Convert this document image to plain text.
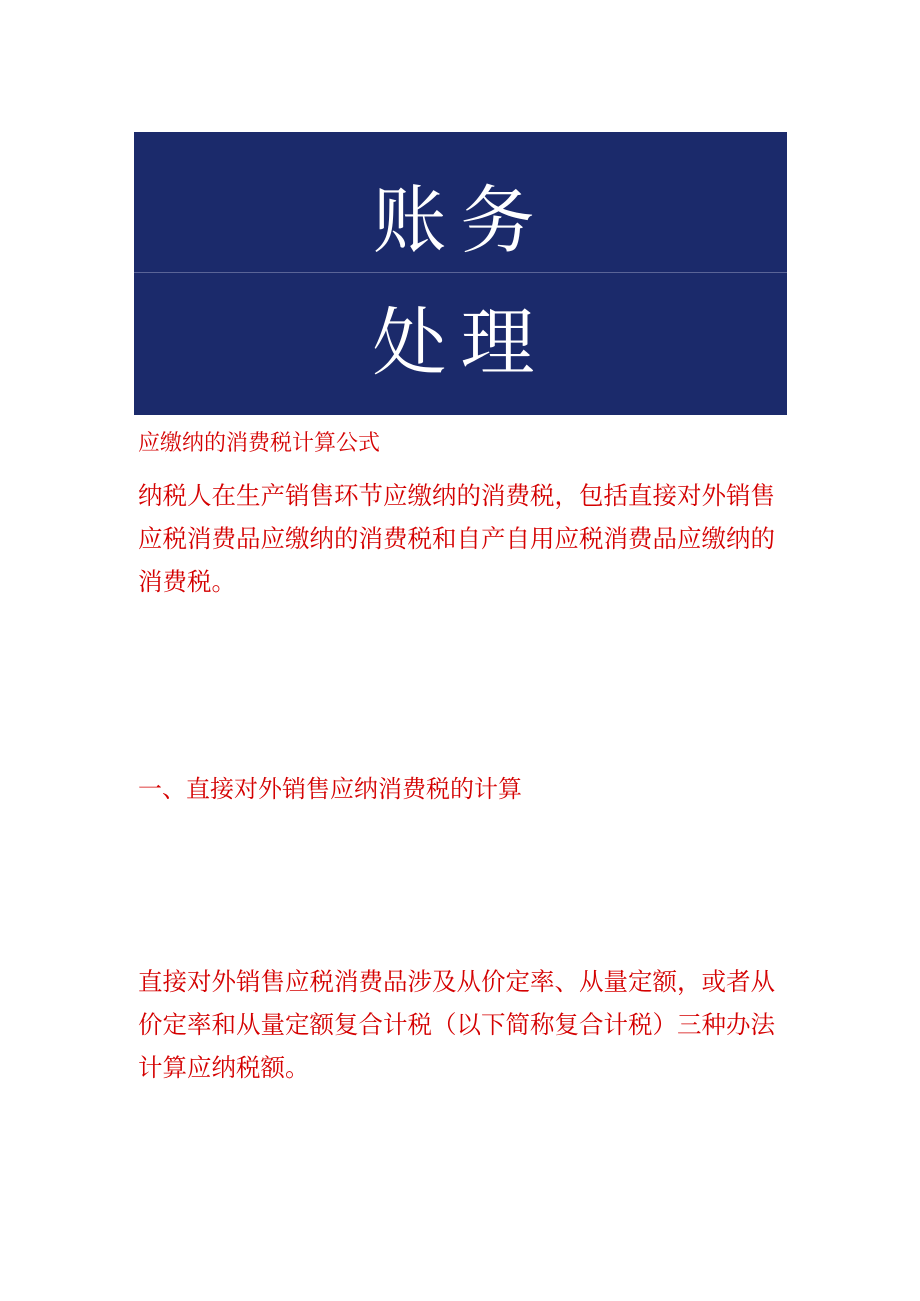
账务
处理
应缴纳的消费税计算公式
纳税人在生产销售环节应缴纳的消费税，包括直接对外销售应税消费品应缴纳的消费税和自产自用应税消费品应缴纳的消费税。
一、直接对外销售应纳消费税的计算
直接对外销售应税消费品涉及从价定率、从量定额，或者从价定率和从量定额复合计税（以下简称复合计税）三种办法计算应纳税额。
